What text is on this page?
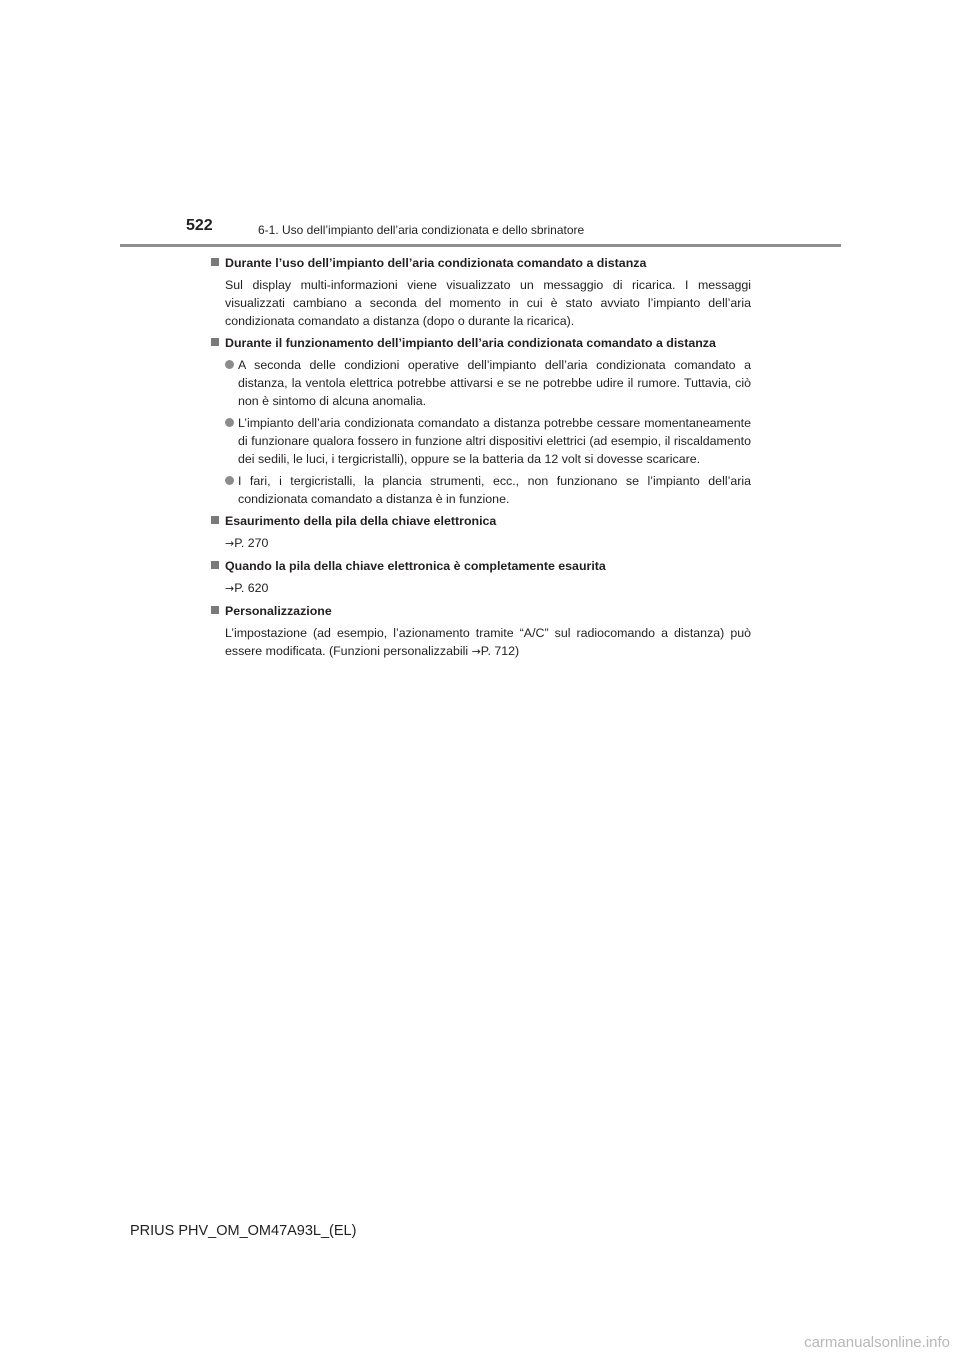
522	6-1. Uso dell’impianto dell’aria condizionata e dello sbrinatore
Durante l’uso dell’impianto dell’aria condizionata comandato a distanza
Sul display multi-informazioni viene visualizzato un messaggio di ricarica. I messaggi visualizzati cambiano a seconda del momento in cui è stato avviato l’impianto dell’aria condizionata comandato a distanza (dopo o durante la ricarica).
Durante il funzionamento dell’impianto dell’aria condizionata comandato a distanza
A seconda delle condizioni operative dell’impianto dell’aria condizionata comandato a distanza, la ventola elettrica potrebbe attivarsi e se ne potrebbe udire il rumore. Tuttavia, ciò non è sintomo di alcuna anomalia.
L’impianto dell’aria condizionata comandato a distanza potrebbe cessare momentaneamente di funzionare qualora fossero in funzione altri dispositivi elettrici (ad esempio, il riscaldamento dei sedili, le luci, i tergicristalli), oppure se la batteria da 12 volt si dovesse scaricare.
I fari, i tergicristalli, la plancia strumenti, ecc., non funzionano se l’impianto dell’aria condizionata comandato a distanza è in funzione.
Esaurimento della pila della chiave elettronica
→P. 270
Quando la pila della chiave elettronica è completamente esaurita
→P. 620
Personalizzazione
L’impostazione (ad esempio, l’azionamento tramite “A/C” sul radiocomando a distanza) può essere modificata. (Funzioni personalizzabili →P. 712)
PRIUS PHV_OM_OM47A93L_(EL)
carmanualsonline.info
